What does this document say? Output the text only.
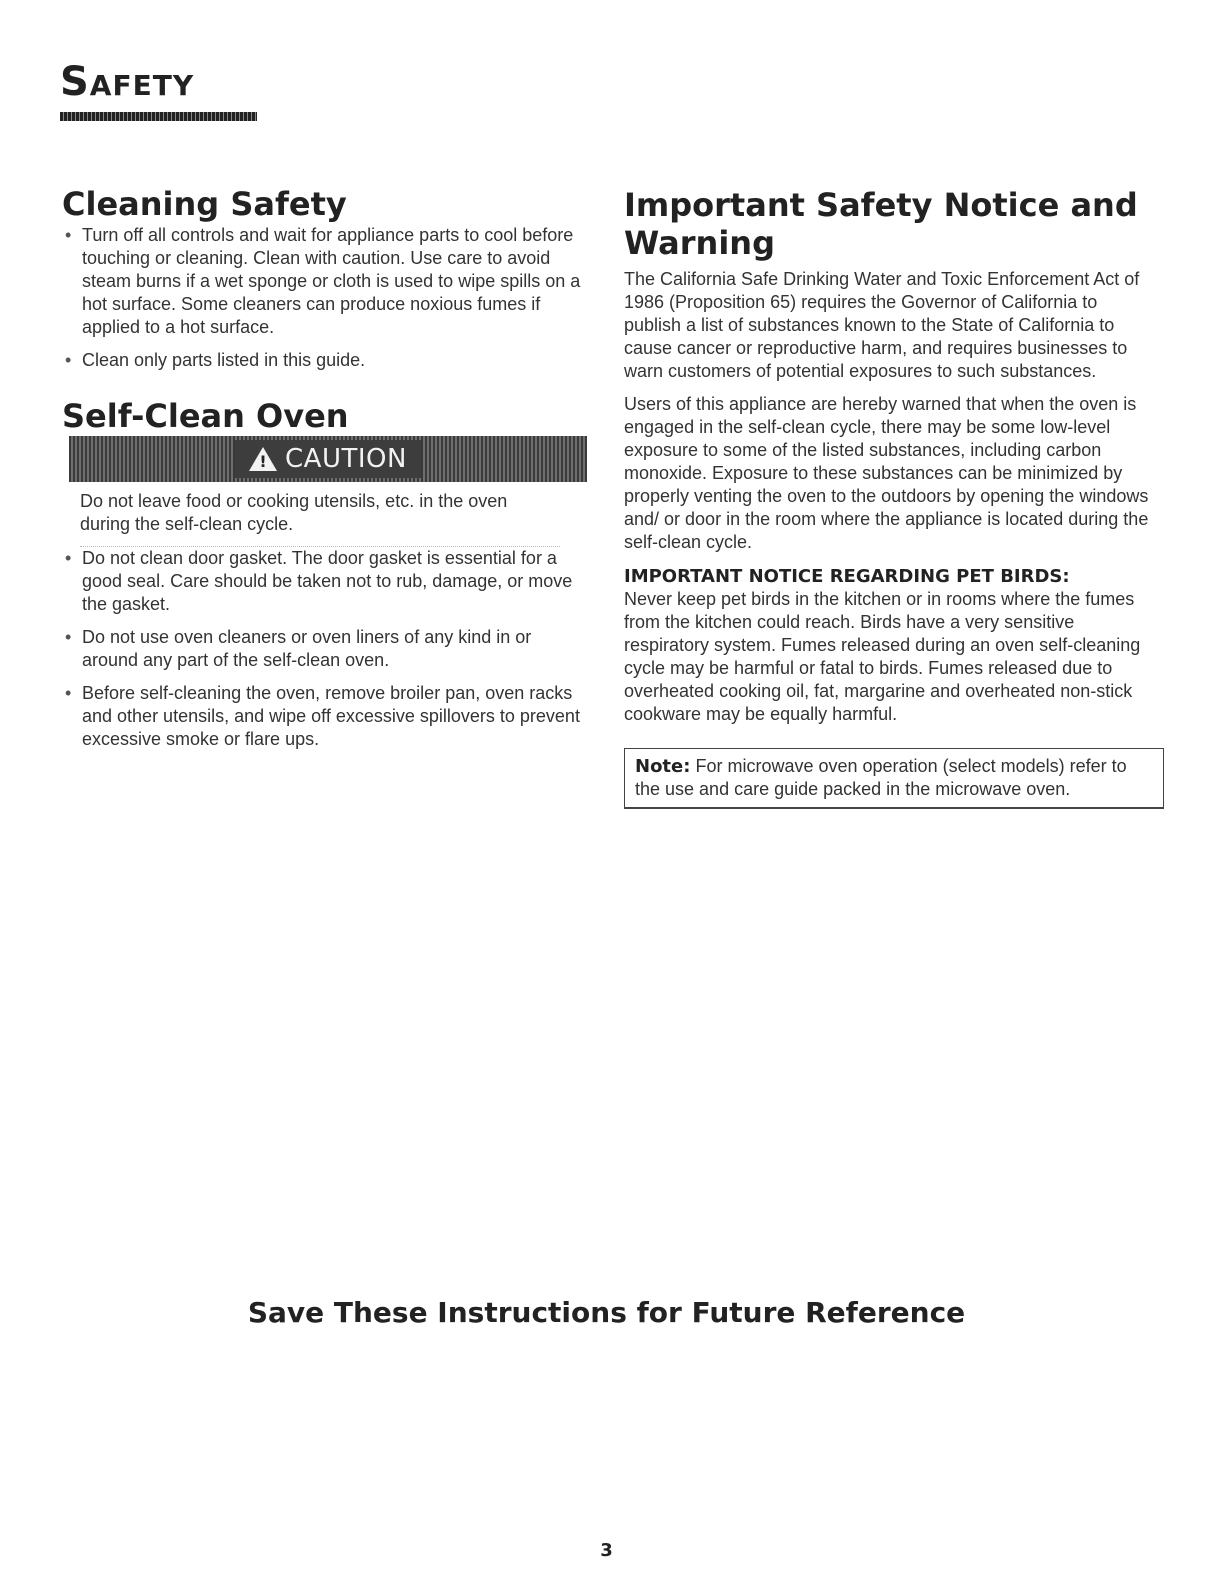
Safety
Cleaning Safety
• Turn off all controls and wait for appliance parts to cool before touching or cleaning. Clean with caution. Use care to avoid steam burns if a wet sponge or cloth is used to wipe spills on a hot surface. Some cleaners can produce noxious fumes if applied to a hot surface.
• Clean only parts listed in this guide.
Self-Clean Oven
! CAUTION
Do not leave food or cooking utensils, etc. in the oven during the self-clean cycle.
• Do not clean door gasket. The door gasket is essential for a good seal. Care should be taken not to rub, damage, or move the gasket.
• Do not use oven cleaners or oven liners of any kind in or around any part of the self-clean oven.
• Before self-cleaning the oven, remove broiler pan, oven racks and other utensils, and wipe off excessive spillovers to prevent excessive smoke or flare ups.
Important Safety Notice and Warning

The California Safe Drinking Water and Toxic Enforcement Act of 1986 (Proposition 65) requires the Governor of California to publish a list of substances known to the State of California to cause cancer or reproductive harm, and requires businesses to warn customers of potential exposures to such substances.

Users of this appliance are hereby warned that when the oven is engaged in the self-clean cycle, there may be some low-level exposure to some of the listed substances, including carbon monoxide. Exposure to these substances can be minimized by properly venting the oven to the outdoors by opening the windows and/ or door in the room where the appliance is located during the self-clean cycle.

IMPORTANT NOTICE REGARDING PET BIRDS:

Never keep pet birds in the kitchen or in rooms where the fumes from the kitchen could reach. Birds have a very sensitive respiratory system. Fumes released during an oven self-cleaning cycle may be harmful or fatal to birds. Fumes released due to overheated cooking oil, fat, margarine and overheated non-stick cookware may be equally harmful.

Note: For microwave oven operation (select models) refer to the use and care guide packed in the microwave oven.
Save These Instructions for Future Reference
3
